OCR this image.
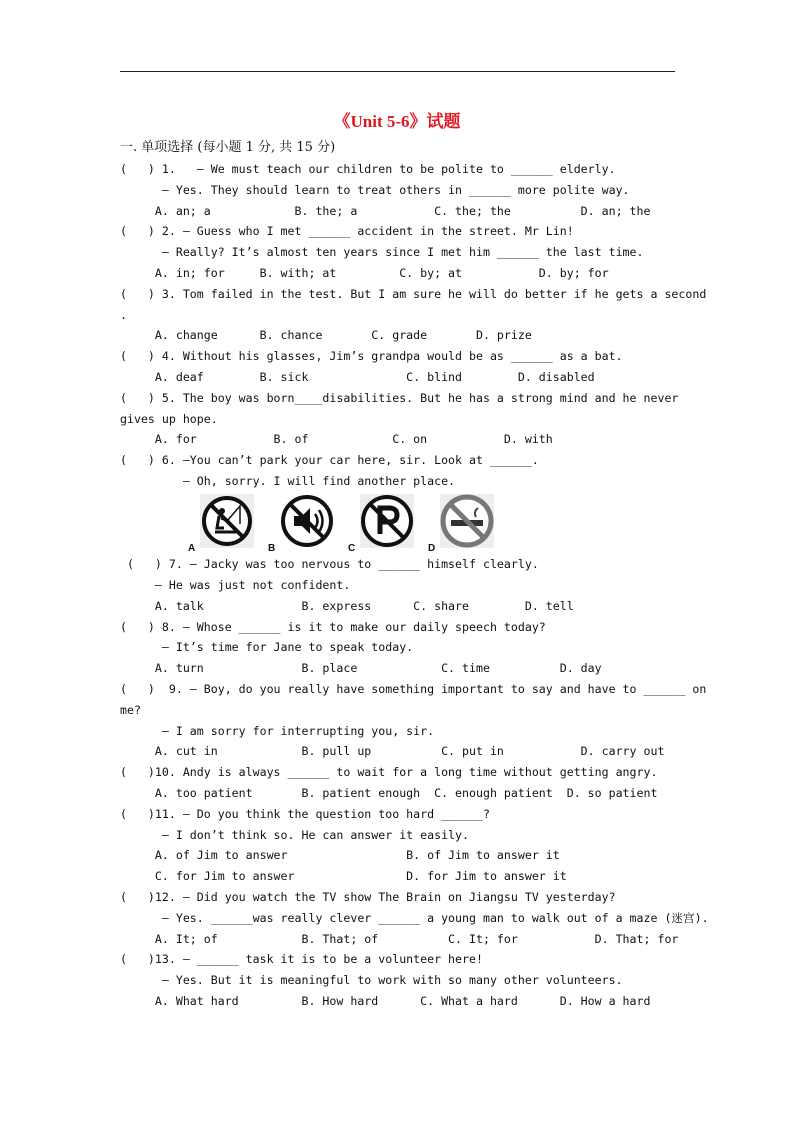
《Unit 5-6》试题
一. 单项选择 (每小题 1 分, 共 15 分)
(   ) 1.   — We must teach our children to be polite to ______ elderly.
— Yes. They should learn to treat others in ______ more polite way.
A. an; a            B. the; a           C. the; the          D. an; the
(   ) 2. — Guess who I met ______ accident in the street. Mr Lin!
— Really? It’s almost ten years since I met him ______ the last time.
A. in; for     B. with; at         C. by; at           D. by; for
(   ) 3. Tom failed in the test. But I am sure he will do better if he gets a second
.
A. change      B. chance       C. grade       D. prize
(   ) 4. Without his glasses, Jim’s grandpa would be as ______ as a bat.
A. deaf        B. sick              C. blind        D. disabled
(   ) 5. The boy was born____disabilities. But he has a strong mind and he never
gives up hope.
A. for           B. of            C. on           D. with
(   ) 6. —You can’t park your car here, sir. Look at ______.
— Oh, sorry. I will find another place.
A	B	C	D
(   ) 7. — Jacky was too nervous to ______ himself clearly.
— He was just not confident.
A. talk              B. express      C. share        D. tell
(   ) 8. — Whose ______ is it to make our daily speech today?
— It’s time for Jane to speak today.
A. turn              B. place            C. time          D. day
(   )  9. — Boy, do you really have something important to say and have to ______ on
me?
— I am sorry for interrupting you, sir.
A. cut in            B. pull up          C. put in           D. carry out
(   )10. Andy is always ______ to wait for a long time without getting angry.
A. too patient       B. patient enough  C. enough patient  D. so patient
(   )11. — Do you think the question too hard ______?
— I don’t think so. He can answer it easily.
A. of Jim to answer                 B. of Jim to answer it
C. for Jim to answer                D. for Jim to answer it
(   )12. — Did you watch the TV show The Brain on Jiangsu TV yesterday?
— Yes. ______was really clever ______ a young man to walk out of a maze (迷宫).
A. It; of            B. That; of          C. It; for           D. That; for
(   )13. — ______ task it is to be a volunteer here!
— Yes. But it is meaningful to work with so many other volunteers.
A. What hard         B. How hard      C. What a hard      D. How a hard
